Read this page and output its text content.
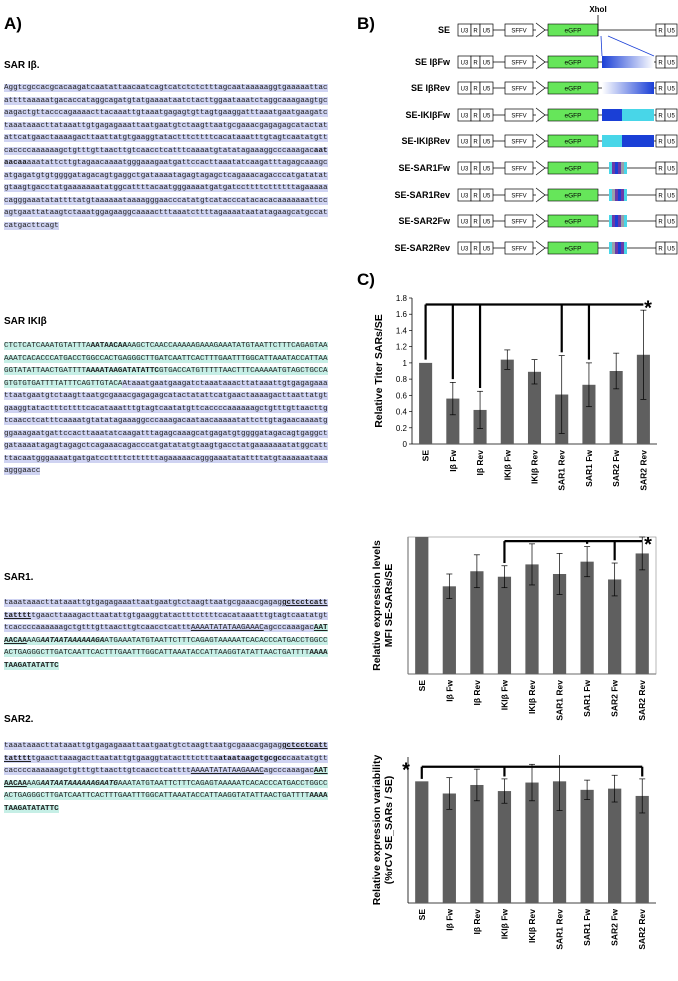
A)	B)
C)
SAR Iβ.
Aggtcgccacgcacaagatcaatattaacaatcagtcatctctctttagcaataaaaaggtgaaaaattacattttaaaaatgacaccataggcagatgtatgaaaataatctacttggaataaatctaggcaaagaagtgcaagactgttacccagaaaacttacaaattgtaaatgagagtgttagtgaaggatttaaatgaatgaagatctaaataaacttataaattgtgagagaaattaatgaatgtctaagttaatgcgaaacgagagagcatactatattcatgaactaaaagacttaattatgtgaaggtatactttcttttcacataaatttgtagtcaatatgttcaccccaaaaaagctgtttgttaacttgtcaacctcatttcaaaatgtatatagaaaggcccaaagacaataacaaaaatattcttgtagaacaaaatgggaaagaatgattccacttaaatatcaagatttagagcaaagcatgagatgtgtggggatagacagtgaggctgataaaatagagtagagctcagaaacagacccatgatatatgtaagtgacctatgaaaaaaatatggcattttacaatgggaaaatgatgatccttttcttttttagaaaaacagggaaatatattttatgtaaaaaataaaagggaacccatatgtcatacccatacacacaaaaaaattccagtgaattataagtctaaatggagaaggcaaaactttaaatcttttagaaaataatatagaagcatgccatcatgacttcagt
SAR IKIβ
CTCTCATCAAATGTATTTAAATAACAAAAGCTCAACCAAAAAGAAAGAAATATGTAATTCTTTCAGAGTAAAAATCACACCCATGACCTGGCCACTGAGGGCTTGATCAATTCACTTTGAATTTGGCATTAAATACCATTAAGGTATATTAACTGATTTTAAAATAAGATATATTCGTGACCATGTTTTTAACTTTCAAAAATGTAGCTGCCAGTGTGTGATTTTATTTCAGTTGTACAAtaaatgaatgaagatctaaataaacttataaattgtgagagaaattaatgaatgtctaagttaatgcgaaacgagagagcatactatattcatgaactaaaagacttaattatgtgaaggtatactttcttttcacataaatttgtagtcaatatgttcaccccaaaaaagctgtttgttaacttgtcaacctcatttcaaaatgtatatagaaaggcccaaagacaataacaaaaatattcttgtagaacaaaatgggaaagaatgattccacttaaatatcaagatttagagcaaagcatgagatgtggggatagacagtgaggctgataaaatagagtagagctcagaaacagacccatgatatatgtaagtgacctatgaaaaaaatatggcattttacaatgggaaaatgatgatccttttcttttttagaaaaacagggaaatatattttatgtaaaaaataaaagggaacc
SAR1.
taaataaacttataaattgtgagagaaattaatgaatgtctaagttaatgcgaaacgagaggctcctcatttatttttgaacttaaagacttaatattgtgaaggtatactttcttttcacataaatttgtagtcaatatgttcaccccaaaaaagctgtttgttaacttgtcaacctcatttAAAATATATAAGAAACagcccaaagacAATAACAAAAGAATAATAAAAAAGAATGAAATATGTAATTCTTTCAGAGTAAAAATCACACCCATGACCTGGCCACTGAGGGCTTGATCAATTCACTTTGAATTTGGCATTAAATACCATTAAGGTATATTAACTGATTTTAAAATAAGATATATTC
SAR2.
taaataaacttataaattgtgagagaaattaatgaatgtctaagttaatgcgaaacgagaggctcctcatttatttttgaacttaaagacttaatattgtgaaggtatactttctttaataataagctgcgcccaatatgttcaccccaaaaaagctgtttgttaacttgtcaacctcattttAAAATATATAAGAAACagcccaaagacAATAACAAAAGAATAATAAAAAAGAATGAAATATGTAATTCTTTCAGAGTAAAAATCACACCCATGACCTGGCCACTGAGGGCTTGATCAATTCACTTTGAATTTGGCATTAAATACCATTAAGGTATATTAACTGATTTTAAAATAAGATATATTC
XhoI
SE U3 R U5	SFFV	eGFP	R U5
SE IβFw U3 R U5	SFFV	eGFP	R U5
SE IβRev U3 R U5	SFFV	eGFP	R U5
SE-IKIβFw U3 R U5	SFFV	eGFP	R U5
SE-IKIβRev U3 R U5	SFFV	eGFP	R U5
SE-SAR1Fw U3 R U5	SFFV	eGFP	R U5
SE-SAR1Rev U3 R U5	SFFV	eGFP	R U5
SE-SAR2Fw U3 R U5	SFFV	eGFP	R U5
SE-SAR2Rev U3 R U5	SFFV	eGFP	R U5
Relative Titer SARs/SE
0
0.2
0.4
0.6
0.8
1
1.2
1.4
1.6
1.8
SE Iβ Fw Iβ Rev IKIβ Fw IKIβ Rev SAR1 Rev SAR1 Fw SAR2 Fw SAR2 Rev
*
Relative expression levels MFI SE-SARs/SE
SE Iβ Fw Iβ Rev IKIβ Fw IKIβ Rev SAR1 Rev SAR1 Fw SAR2 Fw SAR2 Rev
*
Relative expression variability (%rCV SE_SARs / SE)
SE Iβ Fw Iβ Rev IKIβ Fw IKIβ Rev SAR1 Rev SAR1 Fw SAR2 Fw SAR2 Rev
*
